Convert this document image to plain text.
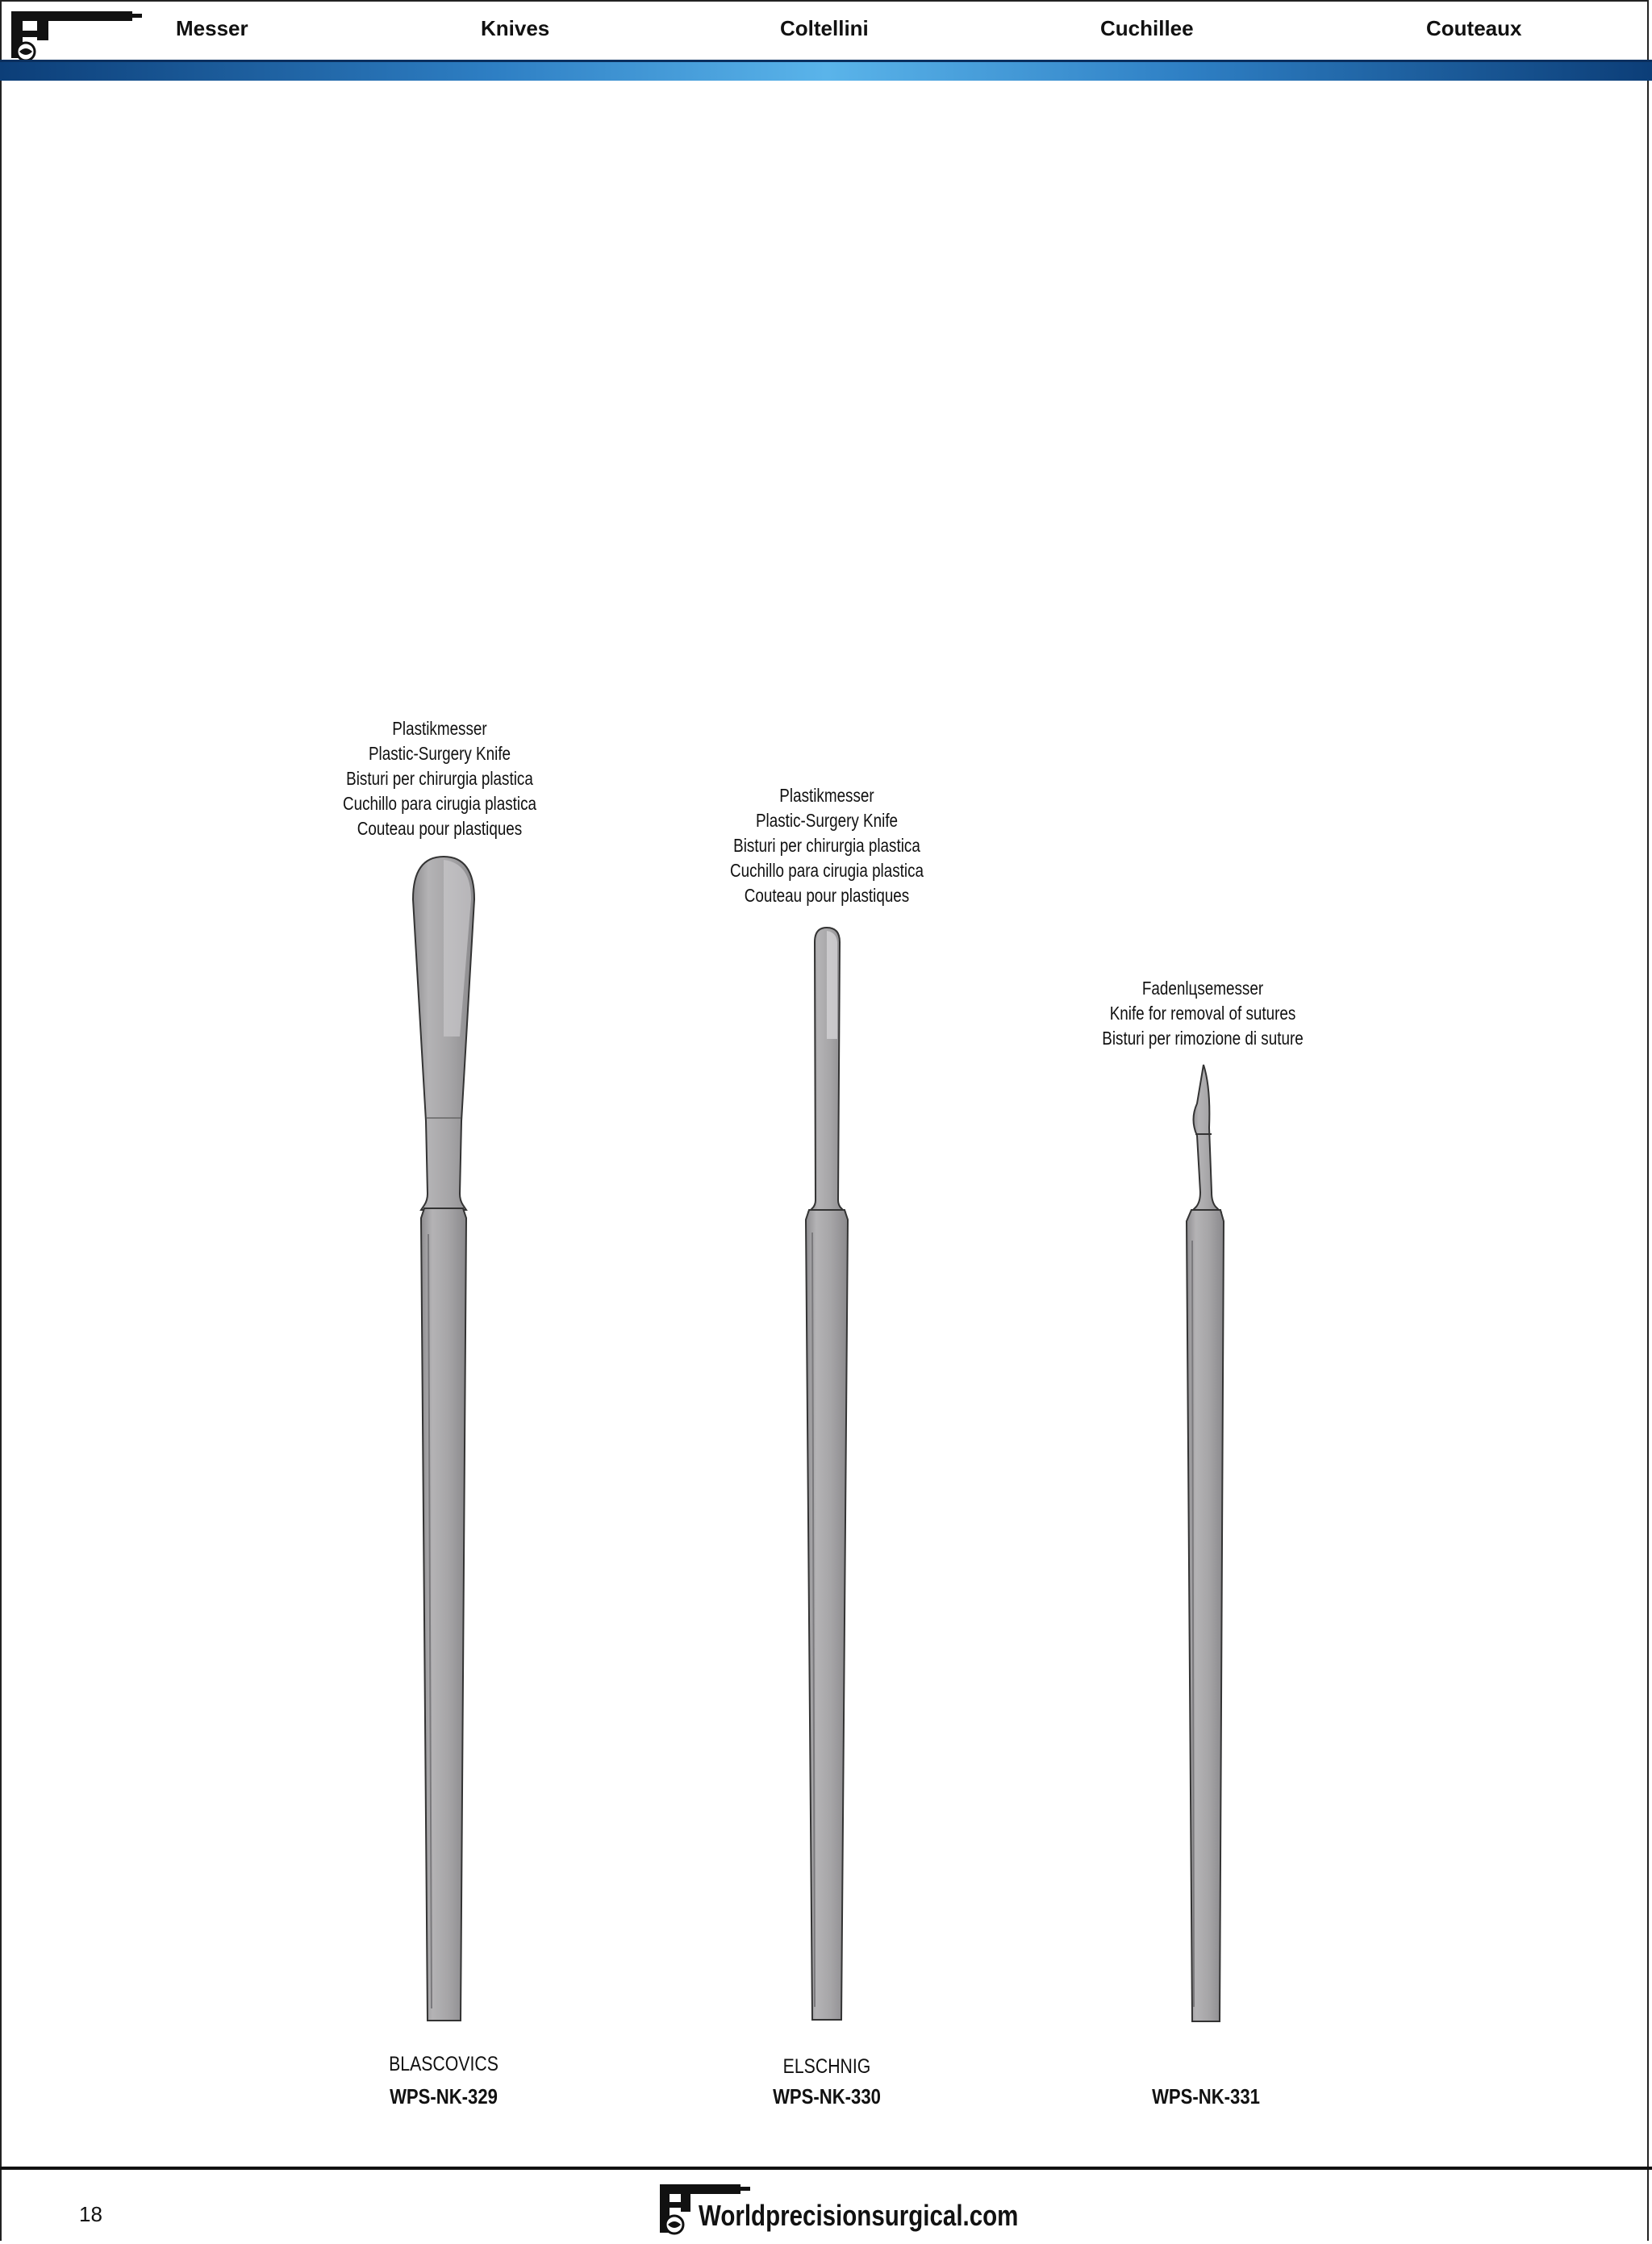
Messer	Knives	Coltellini	Cuchillee	Couteaux
Plastikmesser
Plastic-Surgery Knife
Bisturi per chirurgia plastica
Cuchillo para cirugia plastica
Couteau pour plastiques
Plastikmesser
Plastic-Surgery Knife
Bisturi per chirurgia plastica
Cuchillo para cirugia plastica
Couteau pour plastiques
Fadenlцsemesser
Knife for removal of sutures
Bisturi per rimozione di suture
BLASCOVICS
WPS-NK-329
ELSCHNIG
WPS-NK-330	WPS-NK-331
18	Worldprecisionsurgical.com
